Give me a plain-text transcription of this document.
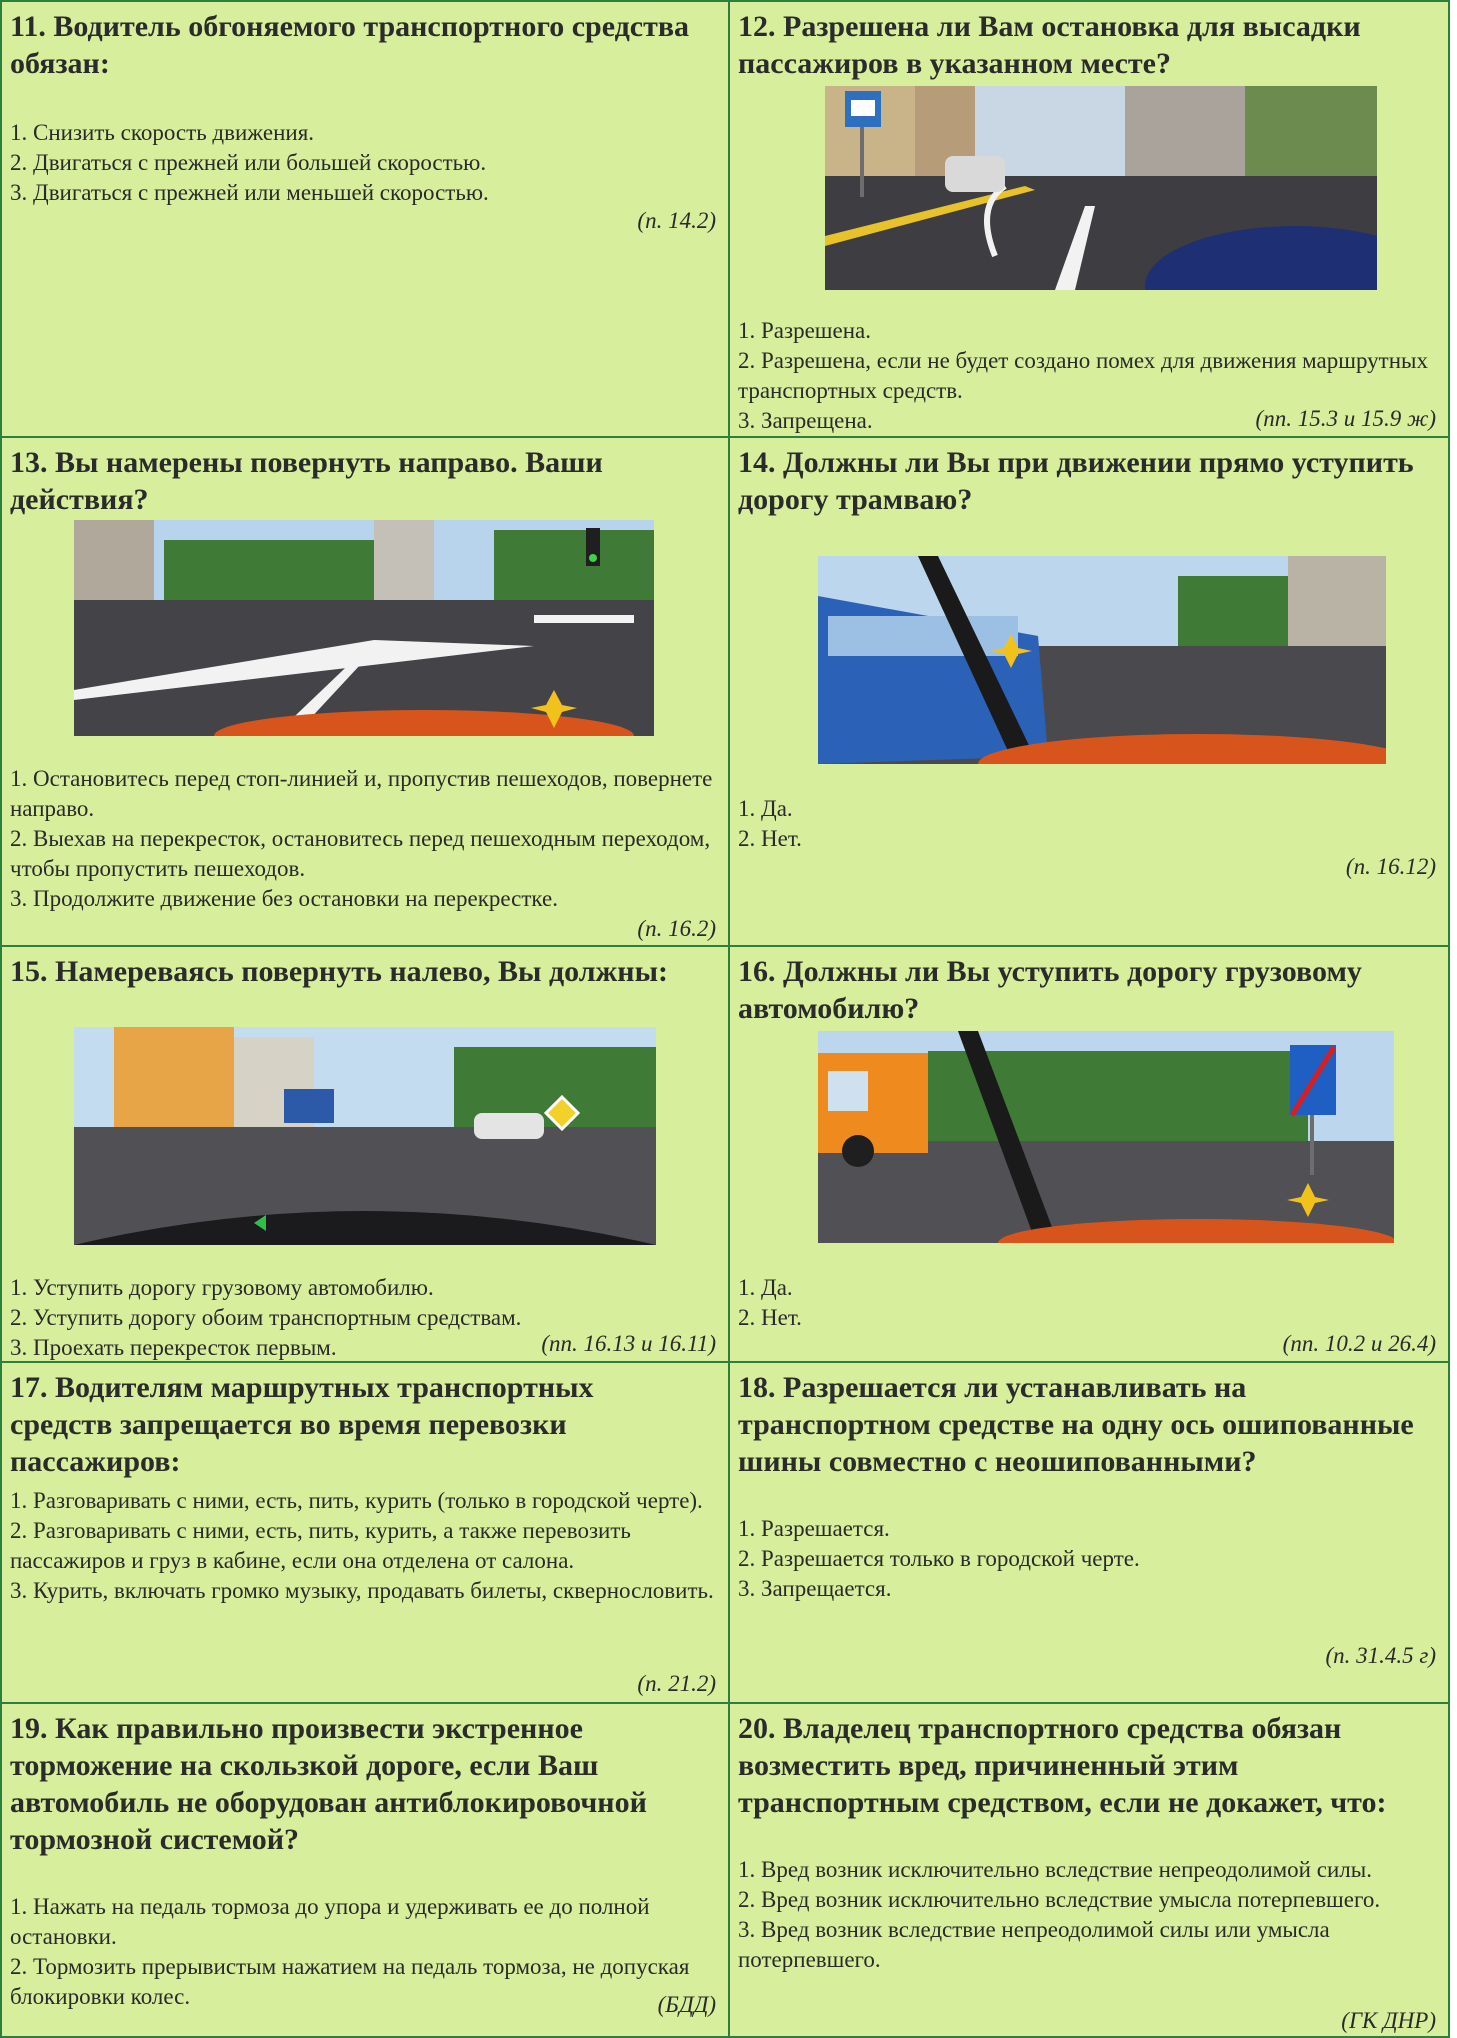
11. Водитель обгоняемого транспортного средства обязан:

1. Снизить скорость движения.
2. Двигаться с прежней или большей скоростью.
3. Двигаться с прежней или меньшей скоростью.
(п. 14.2)

12. Разрешена ли Вам остановка для высадки пассажиров в указанном месте?

1. Разрешена.
2. Разрешена, если не будет создано помех для движения маршрутных транспортных средств.
3. Запрещена.	(пп. 15.3 и 15.9 ж)

13. Вы намерены повернуть направо. Ваши действия?

1. Остановитесь перед стоп-линией и, пропустив пешеходов, повернете направо.
2. Выехав на перекресток, остановитесь перед пешеходным переходом, чтобы пропустить пешеходов.
3. Продолжите движение без остановки на перекрестке.
(п. 16.2)

14. Должны ли Вы при движении прямо уступить дорогу трамваю?

1. Да.
2. Нет.
(п. 16.12)

15. Намереваясь повернуть налево, Вы должны:

1. Уступить дорогу грузовому автомобилю.
2. Уступить дорогу обоим транспортным средствам.
3. Проехать перекресток первым.	(пп. 16.13 и 16.11)

16. Должны ли Вы уступить дорогу грузовому автомобилю?

1. Да.
2. Нет.
(пп. 10.2 и 26.4)

17. Водителям маршрутных транспортных средств запрещается во время перевозки пассажиров:

1. Разговаривать с ними, есть, пить, курить (только в городской черте).
2. Разговаривать с ними, есть, пить, курить, а также перевозить пассажиров и груз в кабине, если она отделена от салона.
3. Курить, включать громко музыку, продавать билеты, сквернословить.
(п. 21.2)

18. Разрешается ли устанавливать на транспортном средстве на одну ось ошипованные шины совместно с неошипованными?

1. Разрешается.
2. Разрешается только в городской черте.
3. Запрещается.
(п. 31.4.5 г)

19. Как правильно произвести экстренное торможение на скользкой дороге, если Ваш автомобиль не оборудован антиблокировочной тормозной системой?

1. Нажать на педаль тормоза до упора и удерживать ее до полной остановки.
2. Тормозить прерывистым нажатием на педаль тормоза, не допуская блокировки колес.	(БДД)

20. Владелец транспортного средства обязан возместить вред, причиненный этим транспортным средством, если не докажет, что:

1. Вред возник исключительно вследствие непреодолимой силы.
2. Вред возник исключительно вследствие умысла потерпевшего.
3. Вред возник вследствие непреодолимой силы или умысла потерпевшего.
(ГК ДНР)
